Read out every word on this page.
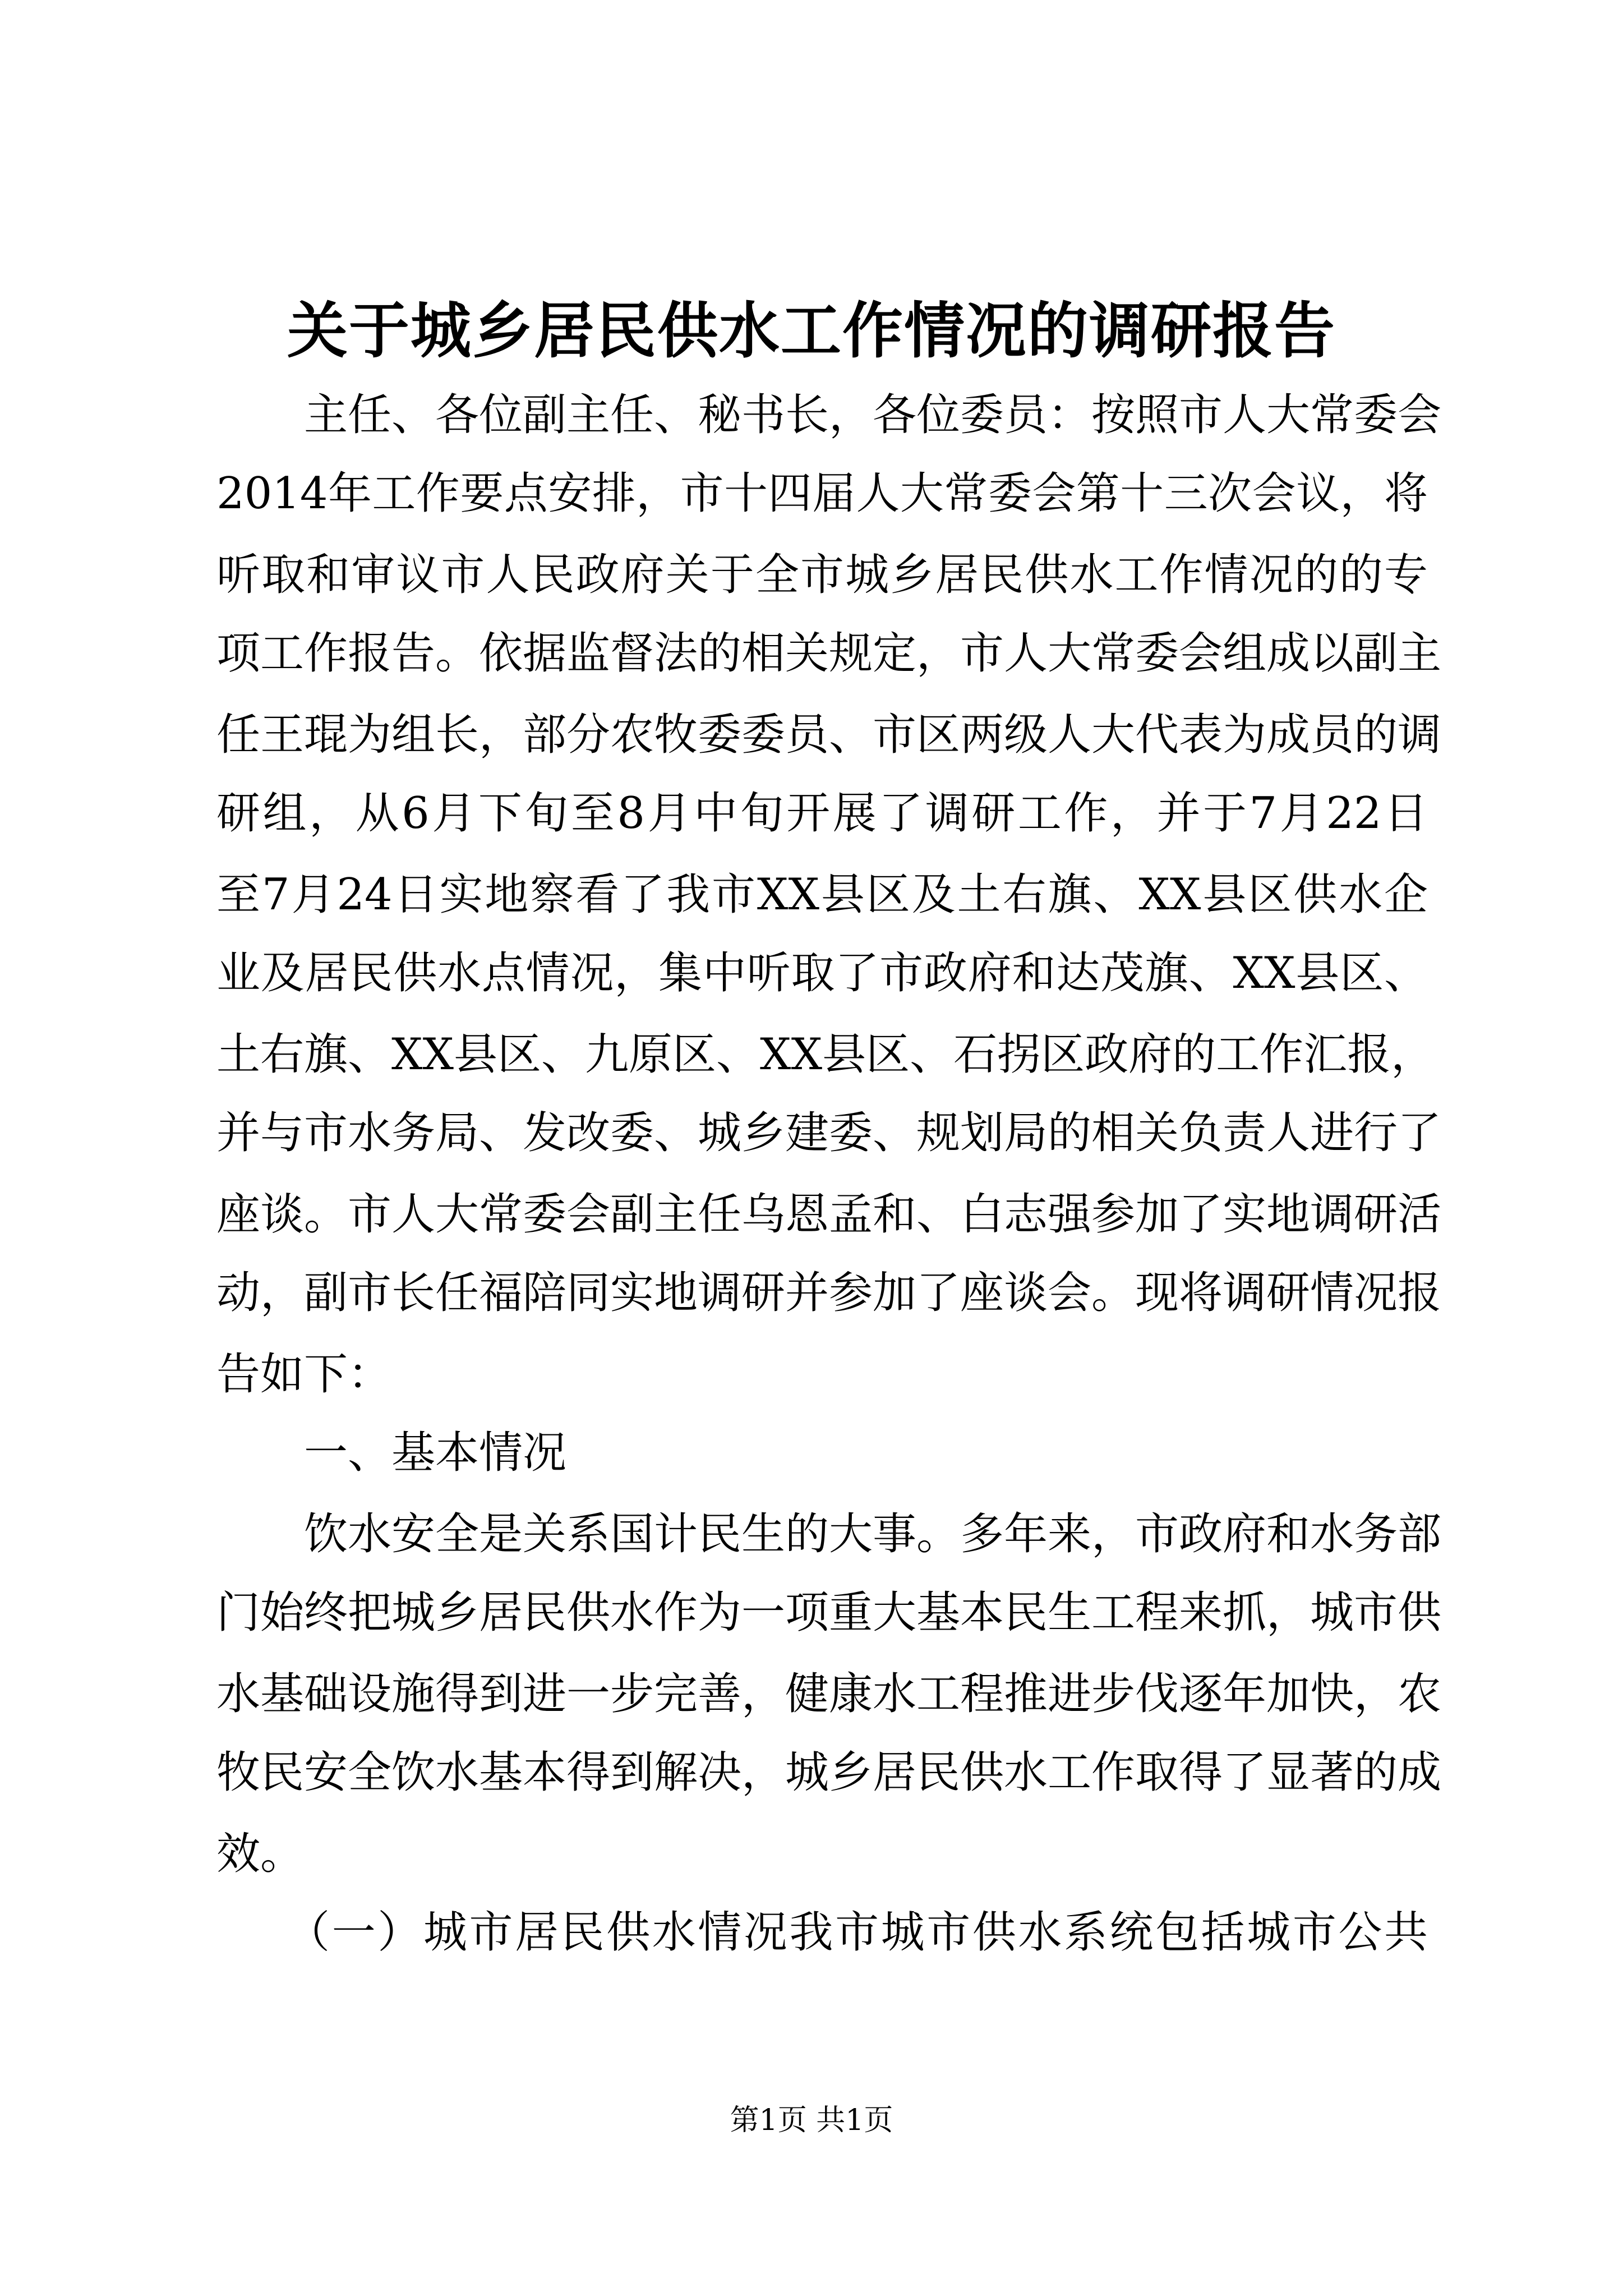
关于城乡居民供水工作情况的调研报告
　　主任、各位副主任、秘书长，各位委员：按照市人大常委会
2014年工作要点安排，市十四届人大常委会第十三次会议，将
听取和审议市人民政府关于全市城乡居民供水工作情况的的专
项工作报告。依据监督法的相关规定，市人大常委会组成以副主
任王琨为组长，部分农牧委委员、市区两级人大代表为成员的调
研组，从6月下旬至8月中旬开展了调研工作，并于7月22日
至7月24日实地察看了我市XX县区及土右旗、XX县区供水企
业及居民供水点情况，集中听取了市政府和达茂旗、XX县区、
土右旗、XX县区、九原区、XX县区、石拐区政府的工作汇报，
并与市水务局、发改委、城乡建委、规划局的相关负责人进行了
座谈。市人大常委会副主任乌恩孟和、白志强参加了实地调研活
动，副市长任福陪同实地调研并参加了座谈会。现将调研情况报
告如下：
　　一、基本情况
　　饮水安全是关系国计民生的大事。多年来，市政府和水务部
门始终把城乡居民供水作为一项重大基本民生工程来抓，城市供
水基础设施得到进一步完善，健康水工程推进步伐逐年加快，农
牧民安全饮水基本得到解决，城乡居民供水工作取得了显著的成
效。
　　（一）城市居民供水情况我市城市供水系统包括城市公共
第1页 共1页
